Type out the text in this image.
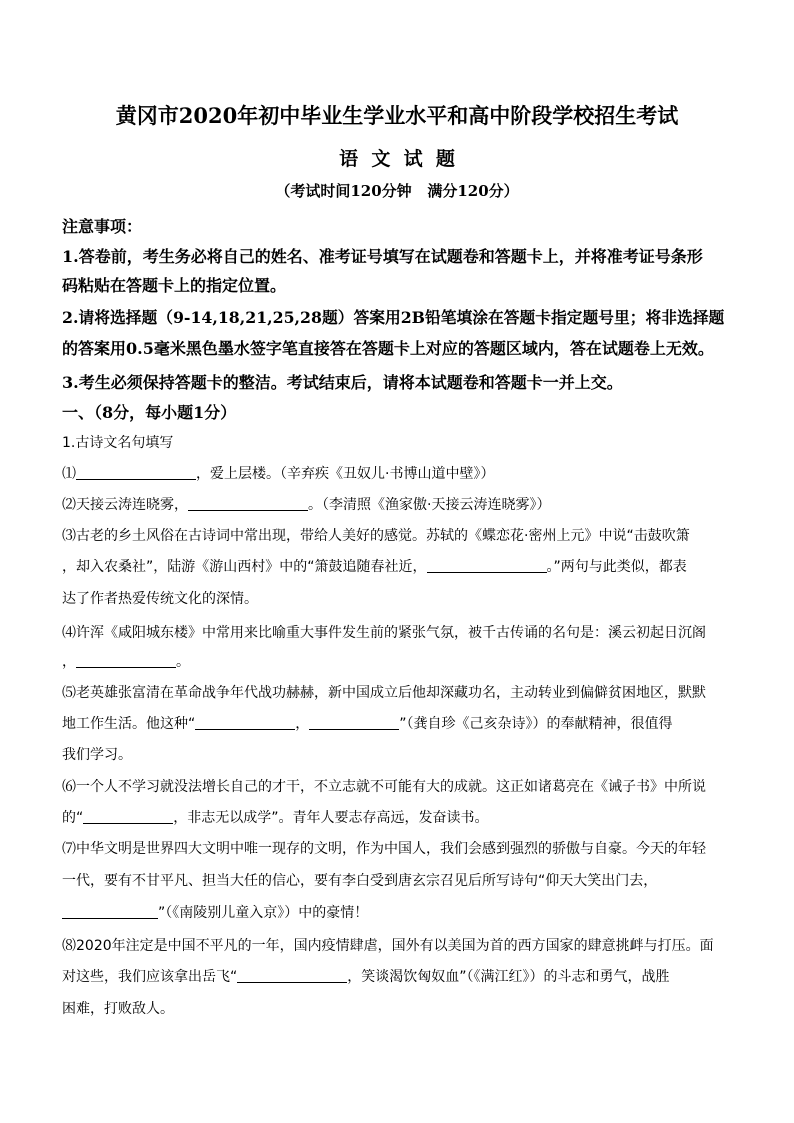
黄冈市2020年初中毕业生学业水平和高中阶段学校招生考试
语  文  试  题
（考试时间120分钟   满分120分）
注意事项：
1.答卷前，考生务必将自己的姓名、准考证号填写在试题卷和答题卡上，并将准考证号条形
码粘贴在答题卡上的指定位置。
2.请将选择题（9-14,18,21,25,28题）答案用2B铅笔填涂在答题卡指定题号里；将非选择题
的答案用0.5毫米黑色墨水签字笔直接答在答题卡上对应的答题区域内，答在试题卷上无效。
3.考生必须保持答题卡的整洁。考试结束后，请将本试题卷和答题卡一并上交。
一、（8分，每小题1分）
1.古诗文名句填写
⑴	，爱上层楼。（辛弃疾《丑奴儿·书博山道中壁》）
⑵天接云涛连晓雾，	。（李清照《渔家傲·天接云涛连晓雾》）
⑶古老的乡土风俗在古诗词中常出现，带给人美好的感觉。苏轼的《蝶恋花·密州上元》中说“击鼓吹箫
，却入农桑社”，陆游《游山西村》中的“箫鼓追随春社近，	。”两句与此类似，都表
达了作者热爱传统文化的深情。
⑷许浑《咸阳城东楼》中常用来比喻重大事件发生前的紧张气氛，被千古传诵的名句是：溪云初起日沉阁
，	。
⑸老英雄张富清在革命战争年代战功赫赫，新中国成立后他却深藏功名，主动转业到偏僻贫困地区，默默
地工作生活。他这种“	，	”（龚自珍《己亥杂诗》）的奉献精神，很值得
我们学习。
⑹一个人不学习就没法增长自己的才干，不立志就不可能有大的成就。这正如诸葛亮在《诫子书》中所说
的“	，非志无以成学”。青年人要志存高远，发奋读书。
⑺中华文明是世界四大文明中唯一现存的文明，作为中国人，我们会感到强烈的骄傲与自豪。今天的年轻
一代，要有不甘平凡、担当大任的信心，要有李白受到唐玄宗召见后所写诗句“仰天大笑出门去，
”（《南陵别儿童入京》）中的豪情！
⑻2020年注定是中国不平凡的一年，国内疫情肆虐，国外有以美国为首的西方国家的肆意挑衅与打压。面
对这些，我们应该拿出岳飞“	，笑谈渴饮匈奴血”（《满江红》）的斗志和勇气，战胜
困难，打败敌人。
